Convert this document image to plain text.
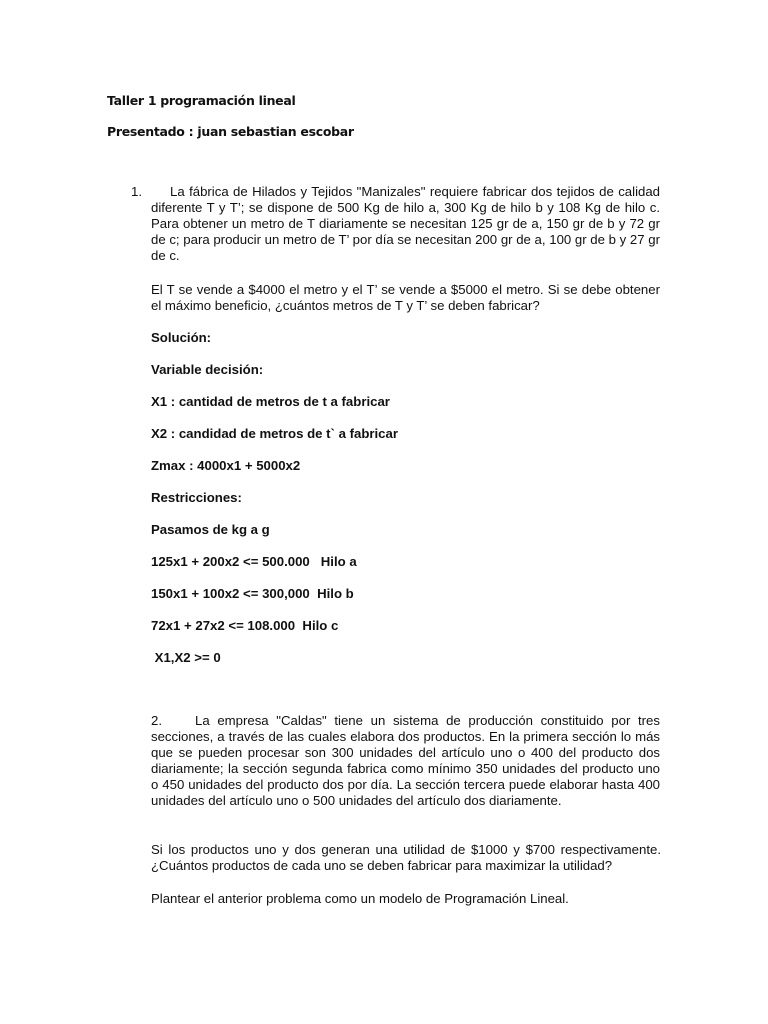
Taller 1 programación lineal
Presentado : juan sebastian escobar
1.	La fábrica de Hilados y Tejidos "Manizales" requiere fabricar dos tejidos de calidad diferente T y T’; se dispone de 500 Kg de hilo a, 300 Kg de hilo b y 108 Kg de hilo c. Para obtener un metro de T diariamente se necesitan 125 gr de a, 150 gr de b y 72 gr de c; para producir un metro de T’ por día se necesitan 200 gr de a, 100 gr de b y 27 gr de c.

El T se vende a $4000 el metro y el T’ se vende a $5000 el metro. Si se debe obtener el máximo beneficio, ¿cuántos metros de T y T’ se deben fabricar?

Solución:
Variable decisión:
X1 : cantidad de metros de t a fabricar
X2 : candidad de metros de t` a fabricar
Zmax : 4000x1 + 5000x2
Restricciones:
Pasamos de kg a g
125x1 + 200x2 <= 500.000   Hilo a
150x1 + 100x2 <= 300,000  Hilo b
72x1 + 27x2 <= 108.000  Hilo c
X1,X2 >= 0
2.	La empresa "Caldas" tiene un sistema de producción constituido por tres secciones, a través de las cuales elabora dos productos. En la primera sección lo más que se pueden procesar son 300 unidades del artículo uno o 400 del producto dos diariamente; la sección segunda fabrica como mínimo 350 unidades del producto uno o 450 unidades del producto dos por día. La sección tercera puede elaborar hasta 400 unidades del artículo uno o 500 unidades del artículo dos diariamente.

Si los productos uno y dos generan una utilidad de $1000 y $700 respectivamente. ¿Cuántos productos de cada uno se deben fabricar para maximizar la utilidad?

Plantear el anterior problema como un modelo de Programación Lineal.
